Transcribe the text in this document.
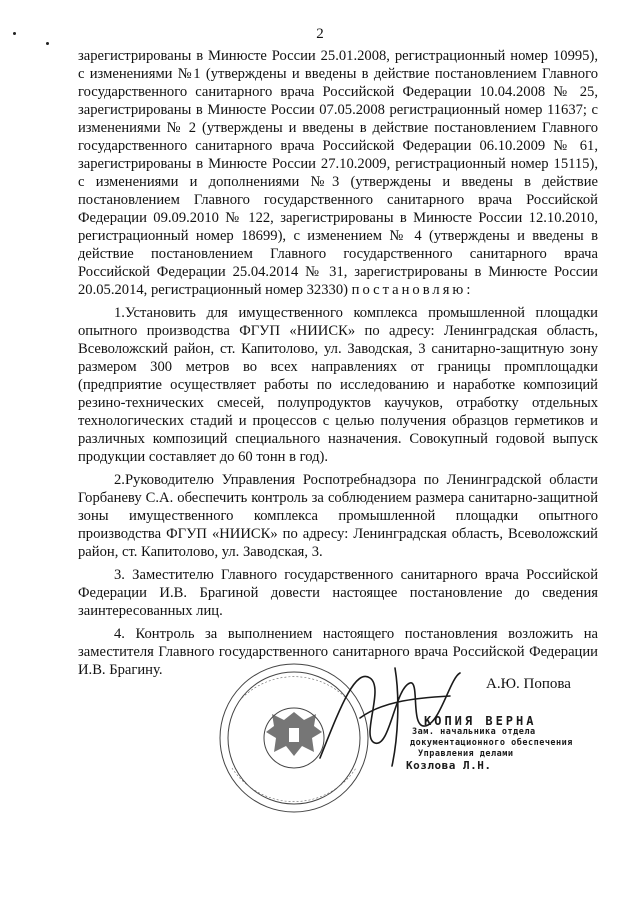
2

зарегистрированы в Минюсте России 25.01.2008, регистрационный номер 10995), с изменениями №1 (утверждены и введены в действие постановлением Главного государственного санитарного врача Российской Федерации 10.04.2008 № 25, зарегистрированы в Минюсте России 07.05.2008 регистрационный номер 11637; с изменениями № 2 (утверждены и введены в действие постановлением Главного государственного санитарного врача Российской Федерации 06.10.2009 № 61, зарегистрированы в Минюсте России 27.10.2009, регистрационный номер 15115), с изменениями и дополнениями №3 (утверждены и введены в действие постановлением Главного государственного санитарного врача Российской Федерации 09.09.2010 № 122, зарегистрированы в Минюсте России 12.10.2010, регистрационный номер 18699), с изменением № 4 (утверждены и введены в действие постановлением Главного государственного санитарного врача Российской Федерации 25.04.2014 № 31, зарегистрированы в Минюсте России 20.05.2014, регистрационный номер 32330) постановляю:

1.Установить для имущественного комплекса промышленной площадки опытного производства ФГУП «НИИСК» по адресу: Ленинградская область, Всеволожский район, ст. Капитолово, ул. Заводская, 3 санитарно-защитную зону размером 300 метров во всех направлениях от границы промплощадки (предприятие осуществляет работы по исследованию и наработке композиций резино-технических смесей, полупродуктов каучуков, отработку отдельных технологических стадий и процессов с целью получения образцов герметиков и различных композиций специального назначения. Совокупный годовой выпуск продукции составляет до 60 тонн в год).

2.Руководителю Управления Роспотребнадзора по Ленинградской области Горбаневу С.А. обеспечить контроль за соблюдением размера санитарно-защитной зоны имущественного комплекса промышленной площадки опытного производства ФГУП «НИИСК» по адресу: Ленинградская область, Всеволожский район, ст. Капитолово, ул. Заводская, 3.

3. Заместителю Главного государственного санитарного врача Российской Федерации И.В. Брагиной довести настоящее постановление до сведения заинтересованных лиц.

4. Контроль за выполнением настоящего постановления возложить на заместителя Главного государственного санитарного врача Российской Федерации И.В. Брагину.

А.Ю. Попова
КОПИЯ ВЕРНА
Зам. начальника отдела
документационного обеспечения
Управления делами
Козлова Л.Н.
